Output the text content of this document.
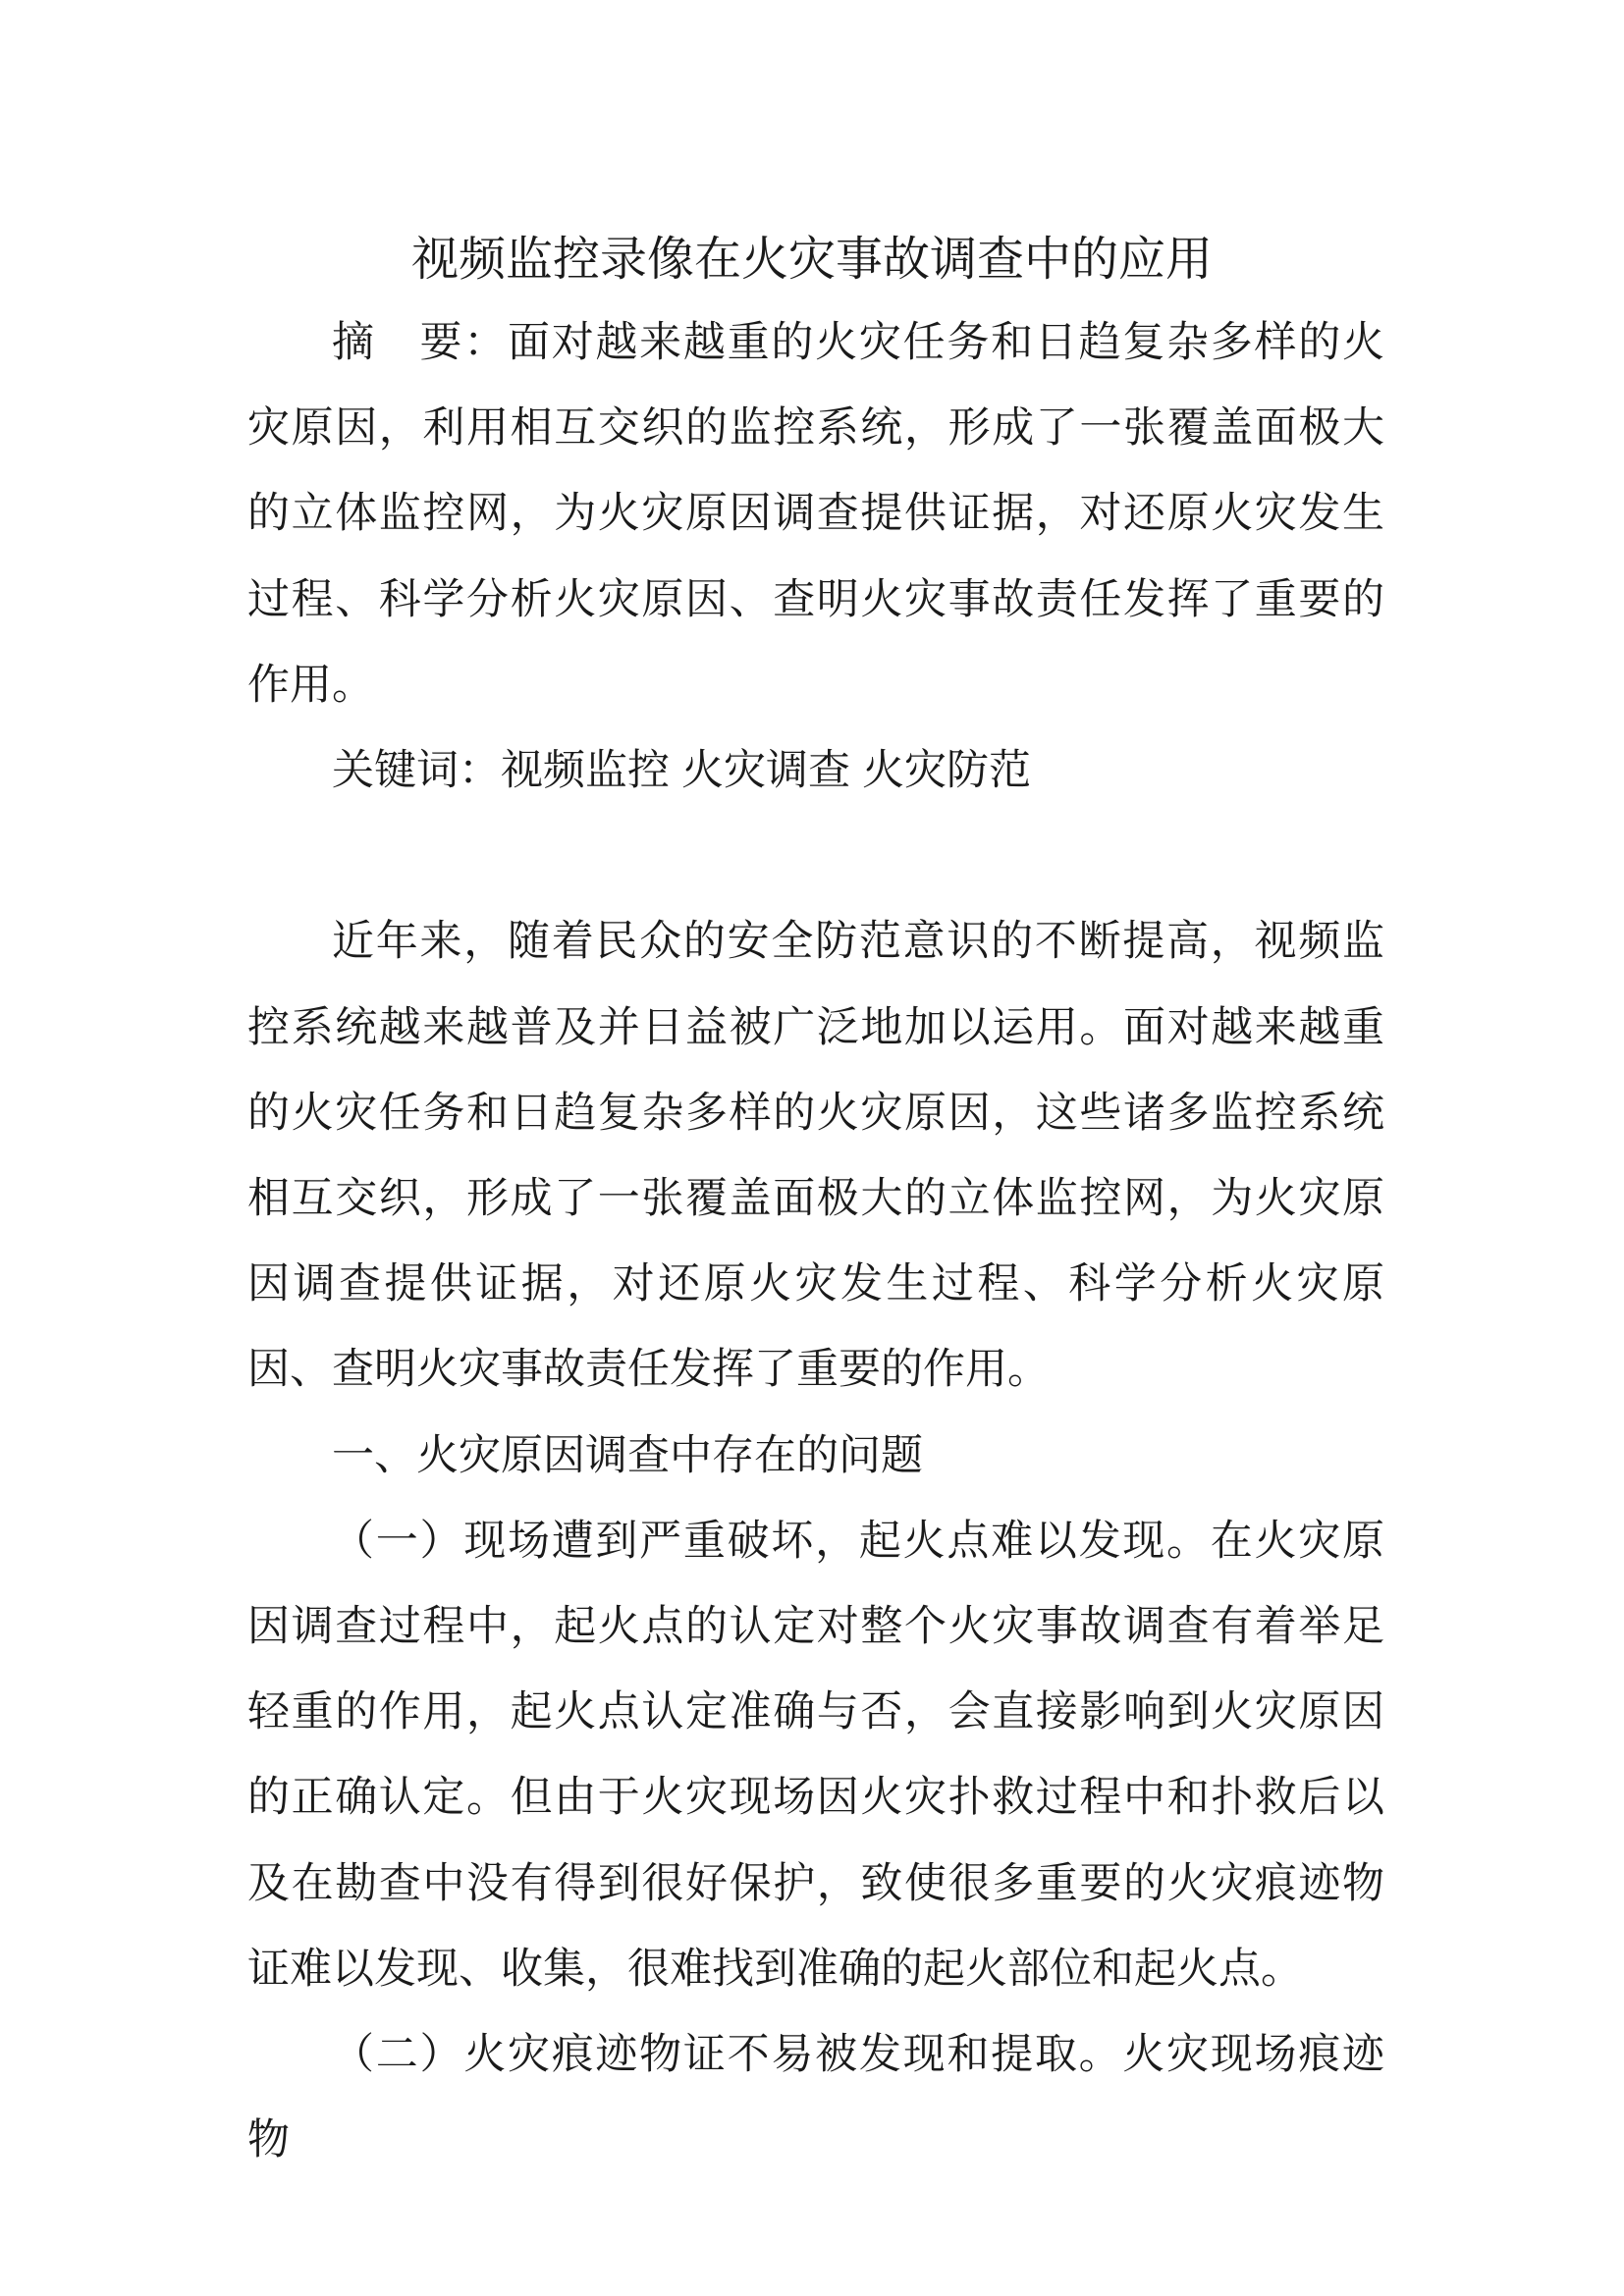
视频监控录像在火灾事故调查中的应用

摘　要：面对越来越重的火灾任务和日趋复杂多样的火灾原因，利用相互交织的监控系统，形成了一张覆盖面极大的立体监控网，为火灾原因调查提供证据，对还原火灾发生过程、科学分析火灾原因、查明火灾事故责任发挥了重要的作用。

关键词：视频监控 火灾调查 火灾防范

近年来，随着民众的安全防范意识的不断提高，视频监控系统越来越普及并日益被广泛地加以运用。面对越来越重的火灾任务和日趋复杂多样的火灾原因，这些诸多监控系统相互交织，形成了一张覆盖面极大的立体监控网，为火灾原因调查提供证据，对还原火灾发生过程、科学分析火灾原因、查明火灾事故责任发挥了重要的作用。

一、火灾原因调查中存在的问题

（一）现场遭到严重破坏，起火点难以发现。在火灾原因调查过程中，起火点的认定对整个火灾事故调查有着举足轻重的作用，起火点认定准确与否，会直接影响到火灾原因的正确认定。但由于火灾现场因火灾扑救过程中和扑救后以及在勘查中没有得到很好保护，致使很多重要的火灾痕迹物证难以发现、收集，很难找到准确的起火部位和起火点。

（二）火灾痕迹物证不易被发现和提取。火灾现场痕迹物
